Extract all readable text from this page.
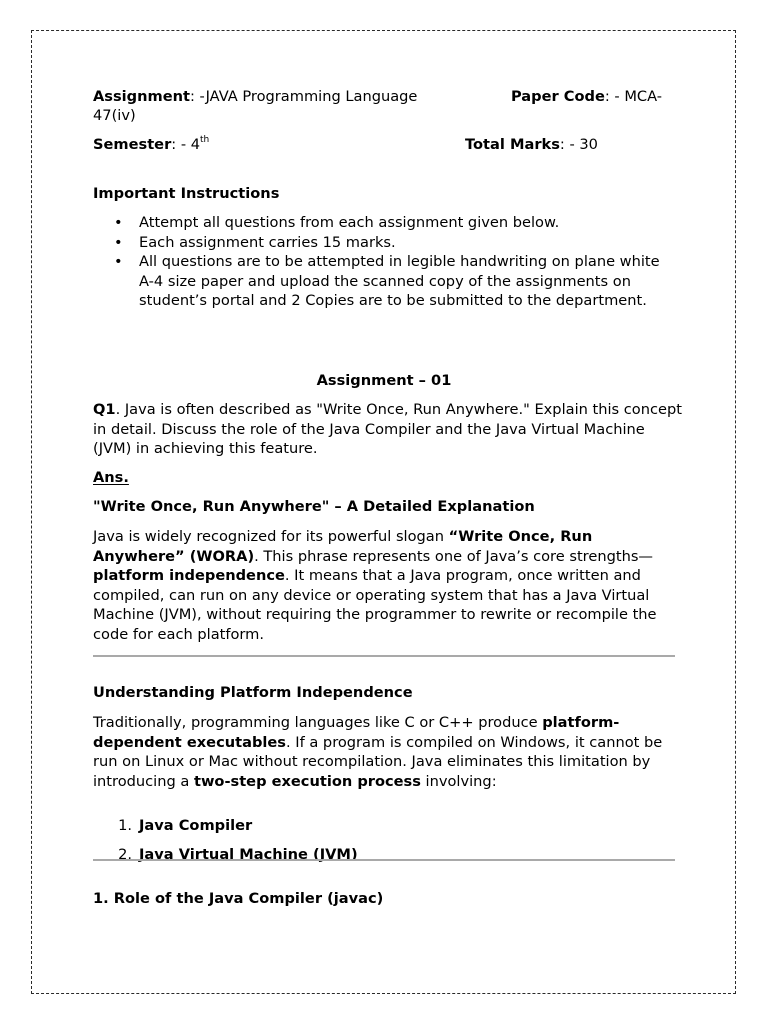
Assignment: -JAVA Programming Language	Paper Code: - MCA-

47(iv)

Semester: - 4th	Total Marks: - 30

Important Instructions

• Attempt all questions from each assignment given below.
• Each assignment carries 15 marks.
• All questions are to be attempted in legible handwriting on plane white A-4 size paper and upload the scanned copy of the assignments on student’s portal and 2 Copies are to be submitted to the department.

Assignment – 01

Q1. Java is often described as "Write Once, Run Anywhere." Explain this concept in detail. Discuss the role of the Java Compiler and the Java Virtual Machine (JVM) in achieving this feature.

Ans.

"Write Once, Run Anywhere" – A Detailed Explanation

Java is widely recognized for its powerful slogan “Write Once, Run Anywhere” (WORA). This phrase represents one of Java’s core strengths—platform independence. It means that a Java program, once written and compiled, can run on any device or operating system that has a Java Virtual Machine (JVM), without requiring the programmer to rewrite or recompile the code for each platform.

Understanding Platform Independence

Traditionally, programming languages like C or C++ produce platform-dependent executables. If a program is compiled on Windows, it cannot be run on Linux or Mac without recompilation. Java eliminates this limitation by introducing a two-step execution process involving:

1. Java Compiler

2. Java Virtual Machine (JVM)

1. Role of the Java Compiler (javac)
